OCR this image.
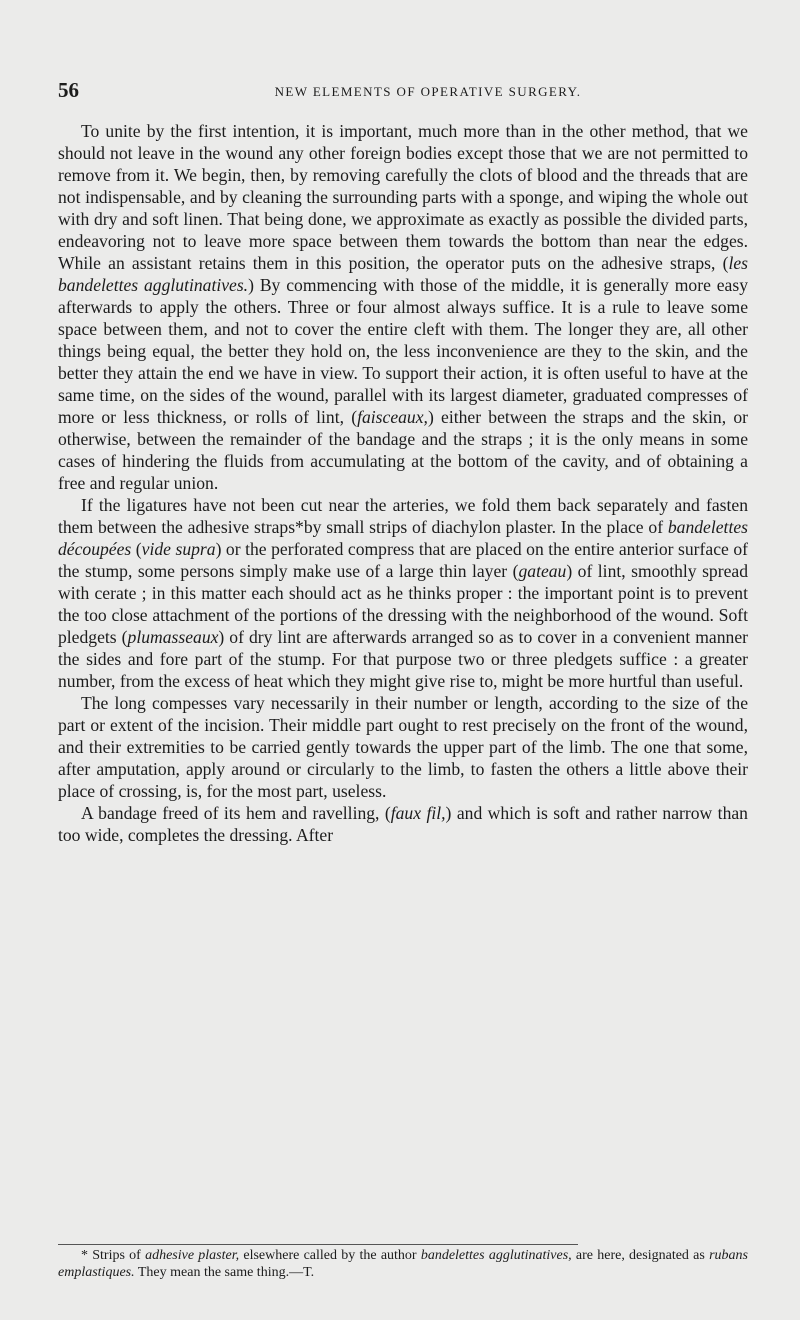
56	NEW ELEMENTS OF OPERATIVE SURGERY.

To unite by the first intention, it is important, much more than in the other method, that we should not leave in the wound any other foreign bodies except those that we are not permitted to remove from it. We begin, then, by removing carefully the clots of blood and the threads that are not indispensable, and by cleaning the surrounding parts with a sponge, and wiping the whole out with dry and soft linen. That being done, we approximate as exactly as possible the divided parts, endeavoring not to leave more space between them towards the bottom than near the edges. While an assistant retains them in this position, the operator puts on the adhesive straps, (les bandelettes agglutinatives.) By commencing with those of the middle, it is generally more easy afterwards to apply the others. Three or four almost always suffice. It is a rule to leave some space between them, and not to cover the entire cleft with them. The longer they are, all other things being equal, the better they hold on, the less inconvenience are they to the skin, and the better they attain the end we have in view. To support their action, it is often useful to have at the same time, on the sides of the wound, parallel with its largest diameter, graduated compresses of more or less thickness, or rolls of lint, (faisceaux,) either between the straps and the skin, or otherwise, between the remainder of the bandage and the straps ; it is the only means in some cases of hindering the fluids from accumulating at the bottom of the cavity, and of obtaining a free and regular union.

If the ligatures have not been cut near the arteries, we fold them back separately and fasten them between the adhesive straps*by small strips of diachylon plaster. In the place of bandelettes découpées (vide supra) or the perforated compress that are placed on the entire anterior surface of the stump, some persons simply make use of a large thin layer (gateau) of lint, smoothly spread with cerate ; in this matter each should act as he thinks proper : the important point is to prevent the too close attachment of the portions of the dressing with the neighborhood of the wound. Soft pledgets (plumasseaux) of dry lint are afterwards arranged so as to cover in a convenient manner the sides and fore part of the stump. For that purpose two or three pledgets suffice : a greater number, from the excess of heat which they might give rise to, might be more hurtful than useful.

The long compesses vary necessarily in their number or length, according to the size of the part or extent of the incision. Their middle part ought to rest precisely on the front of the wound, and their extremities to be carried gently towards the upper part of the limb. The one that some, after amputation, apply around or circularly to the limb, to fasten the others a little above their place of crossing, is, for the most part, useless.

A bandage freed of its hem and ravelling, (faux fil,) and which is soft and rather narrow than too wide, completes the dressing. After

* Strips of adhesive plaster, elsewhere called by the author bandelettes agglutinatives, are here, designated as rubans emplastiques. They mean the same thing.—T.
